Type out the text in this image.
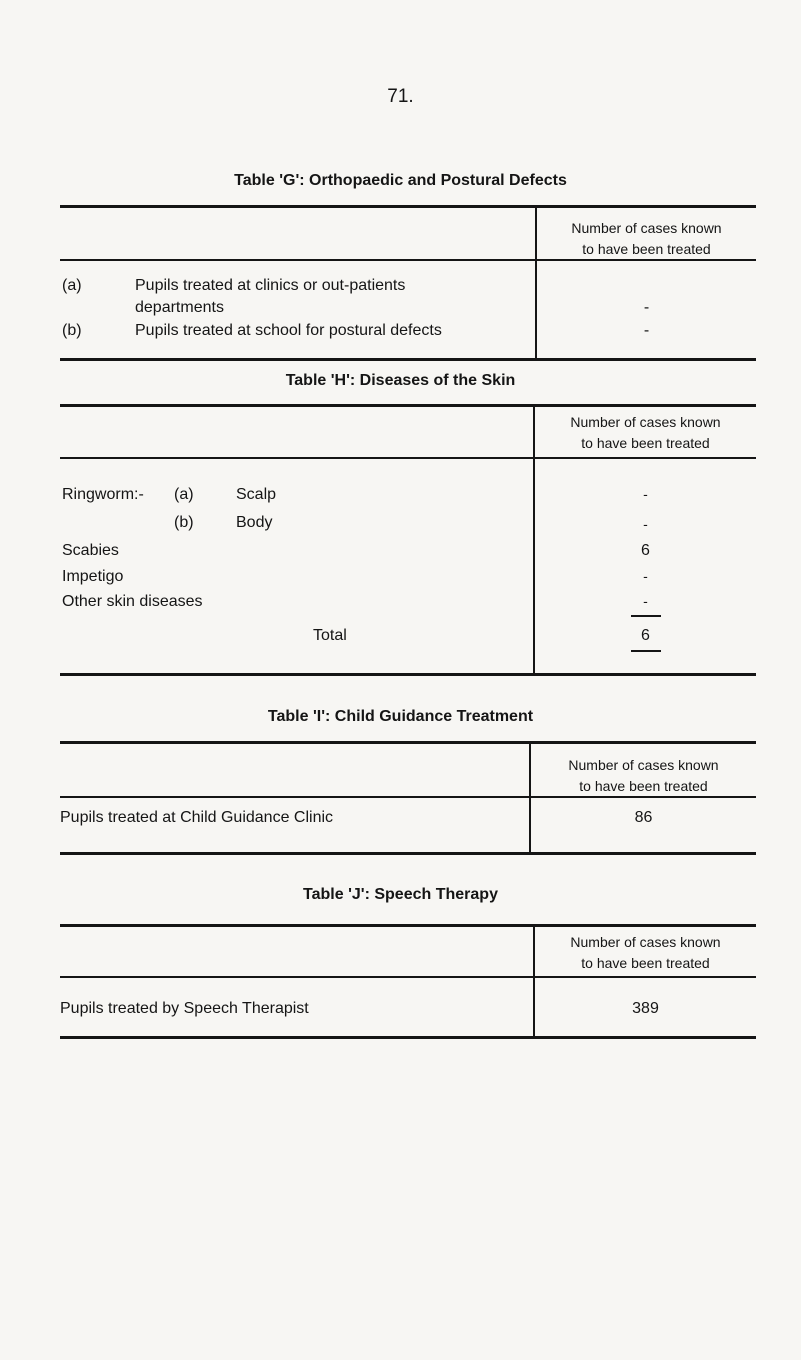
71.
Table 'G': Orthopaedic and Postural Defects
Number of cases known
to have been treated
(a)	Pupils treated at clinics or out-patients
departments	-
(b)	Pupils treated at school for postural defects	-
Table 'H': Diseases of the Skin
Number of cases known
to have been treated
Ringworm:- (a)	Scalp	-
(b)	Body	-
Scabies	6
Impetigo	-
Other skin diseases	-
Total	6
Table 'I': Child Guidance Treatment
Number of cases known
to have been treated
Pupils treated at Child Guidance Clinic	86
Table 'J': Speech Therapy
Number of cases known
to have been treated
Pupils treated by Speech Therapist	389
